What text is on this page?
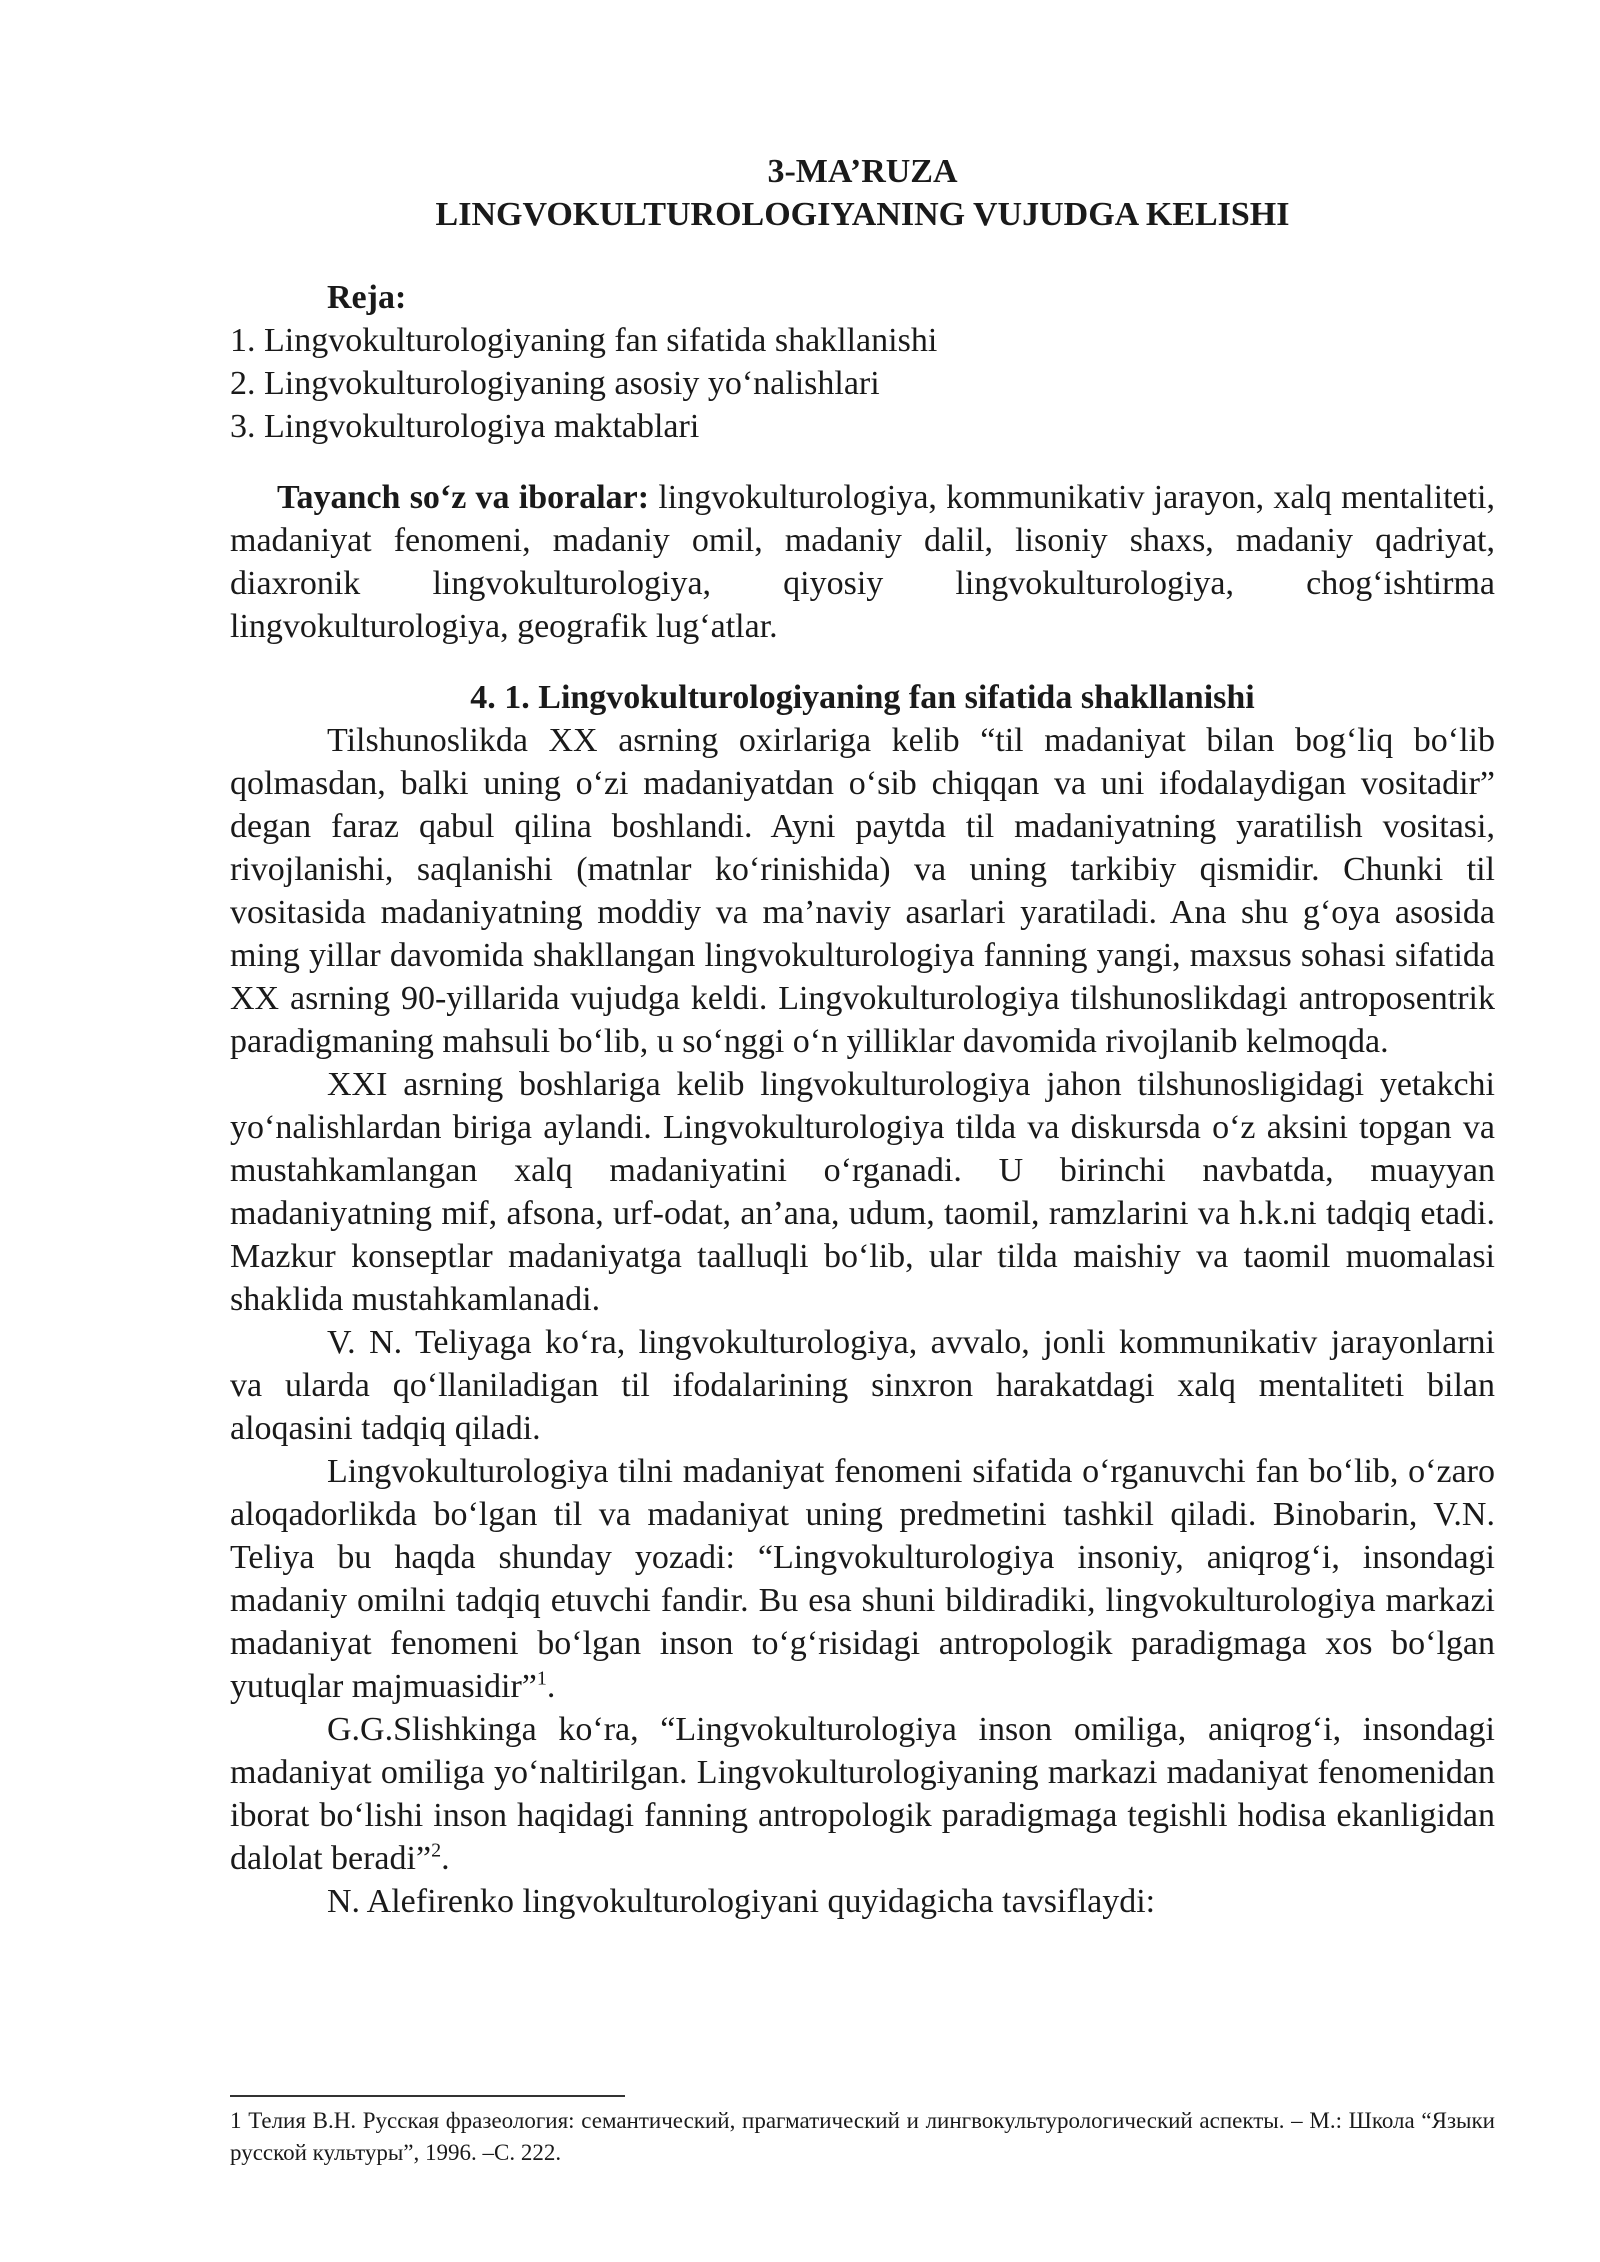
3-MA’RUZA

LINGVOKULTUROLOGIYANING VUJUDGA KELISHI

Reja:

1. Lingvokulturologiyaning fan sifatida shakllanishi
2. Lingvokulturologiyaning asosiy yo‘nalishlari
3. Lingvokulturologiya maktablari

Tayanch so‘z va iboralar: lingvokulturologiya, kommunikativ jarayon, xalq mentaliteti, madaniyat fenomeni, madaniy omil, madaniy dalil, lisoniy shaxs, madaniy qadriyat, diaxronik lingvokulturologiya, qiyosiy lingvokulturologiya, chog‘ishtirma lingvokulturologiya, geografik lug‘atlar.

4. 1. Lingvokulturologiyaning fan sifatida shakllanishi

Tilshunoslikda XX asrning oxirlariga kelib “til madaniyat bilan bog‘liq bo‘lib qolmasdan, balki uning o‘zi madaniyatdan o‘sib chiqqan va uni ifodalaydigan vositadir” degan faraz qabul qilina boshlandi. Ayni paytda til madaniyatning yaratilish vositasi, rivojlanishi, saqlanishi (matnlar ko‘rinishida) va uning tarkibiy qismidir. Chunki til vositasida madaniyatning moddiy va ma’naviy asarlari yaratiladi. Ana shu g‘oya asosida ming yillar davomida shakllangan lingvokulturologiya fanning yangi, maxsus sohasi sifatida XX asrning 90-yillarida vujudga keldi. Lingvokulturologiya tilshunoslikdagi antroposentrik paradigmaning mahsuli bo‘lib, u so‘nggi o‘n yilliklar davomida rivojlanib kelmoqda.

XXI asrning boshlariga kelib lingvokulturologiya jahon tilshunosligidagi yetakchi yo‘nalishlardan biriga aylandi. Lingvokulturologiya tilda va diskursda o‘z aksini topgan va mustahkamlangan xalq madaniyatini o‘rganadi. U birinchi navbatda, muayyan madaniyatning mif, afsona, urf-odat, an’ana, udum, taomil, ramzlarini va h.k.ni tadqiq etadi. Mazkur konseptlar madaniyatga taalluqli bo‘lib, ular tilda maishiy va taomil muomalasi shaklida mustahkamlanadi.

V. N. Teliyaga ko‘ra, lingvokulturologiya, avvalo, jonli kommunikativ jarayonlarni va ularda qo‘llaniladigan til ifodalarining sinxron harakatdagi xalq mentaliteti bilan aloqasini tadqiq qiladi.

Lingvokulturologiya tilni madaniyat fenomeni sifatida o‘rganuvchi fan bo‘lib, o‘zaro aloqadorlikda bo‘lgan til va madaniyat uning predmetini tashkil qiladi. Binobarin, V.N. Teliya bu haqda shunday yozadi: “Lingvokulturologiya insoniy, aniqrog‘i, insondagi madaniy omilni tadqiq etuvchi fandir. Bu esa shuni bildiradiki, lingvokulturologiya markazi madaniyat fenomeni bo‘lgan inson to‘g‘risidagi antropologik paradigmaga xos bo‘lgan yutuqlar majmuasidir”$^1$.

G.G.Slishkinga ko‘ra, “Lingvokulturologiya inson omiliga, aniqrog‘i, insondagi madaniyat omiliga yo‘naltirilgan. Lingvokulturologiyaning markazi madaniyat fenomenidan iborat bo‘lishi inson haqidagi fanning antropologik paradigmaga tegishli hodisa ekanligidan dalolat beradi”$^2$.

N. Alefirenko lingvokulturologiyani quyidagicha tavsiflaydi:

1 Телия В.Н. Русская фразеология: семантический, прагматический и лингвокультурологический аспекты. – М.: Школа “Языки русской культуры”, 1996. –С. 222.
